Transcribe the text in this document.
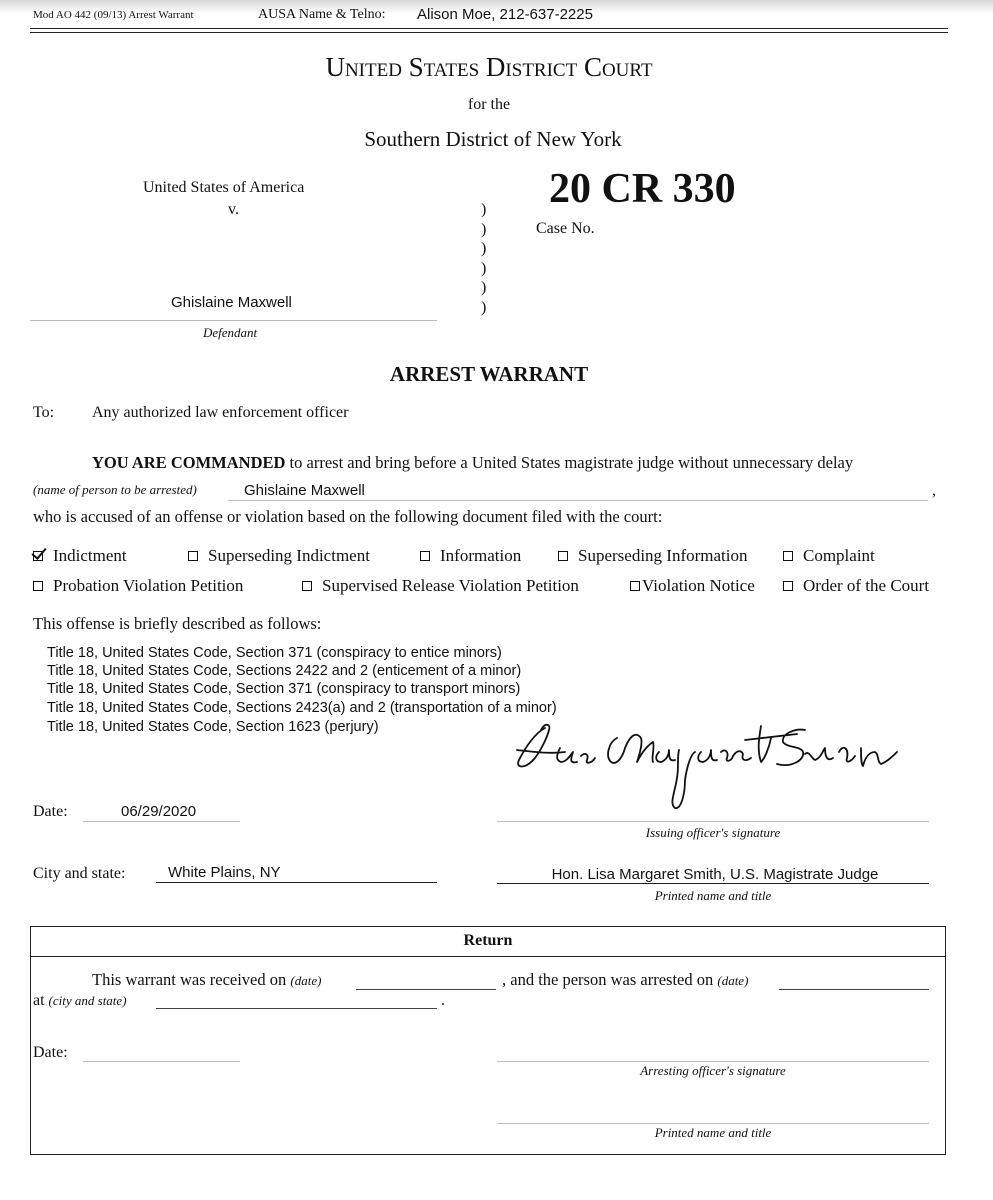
Mod AO 442 (09/13) Arrest Warrant	AUSA Name & Telno: Alison Moe, 212-637-2225
United States District Court
for the
Southern District of New York
United States of America
v.
Ghislaine Maxwell
Defendant
)
)
)
)
)
)
20 CR 330
Case No.
ARREST WARRANT
To: Any authorized law enforcement officer
YOU ARE COMMANDED to arrest and bring before a United States magistrate judge without unnecessary delay
(name of person to be arrested)	Ghislaine Maxwell	,
who is accused of an offense or violation based on the following document filed with the court:
Indictment	Superseding Indictment	Information	Superseding Information	Complaint
Probation Violation Petition	Supervised Release Violation Petition	Violation Notice	Order of the Court
This offense is briefly described as follows:
Title 18, United States Code, Section 371 (conspiracy to entice minors)
Title 18, United States Code, Sections 2422 and 2 (enticement of a minor)
Title 18, United States Code, Section 371 (conspiracy to transport minors)
Title 18, United States Code, Sections 2423(a) and 2 (transportation of a minor)
Title 18, United States Code, Section 1623 (perjury)
Date:	06/29/2020
Issuing officer's signature
City and state:	White Plains, NY	Hon. Lisa Margaret Smith, U.S. Magistrate Judge
Printed name and title
Return
This warrant was received on (date)	, and the person was arrested on (date)
at (city and state)	.
Date:
Arresting officer's signature
Printed name and title
